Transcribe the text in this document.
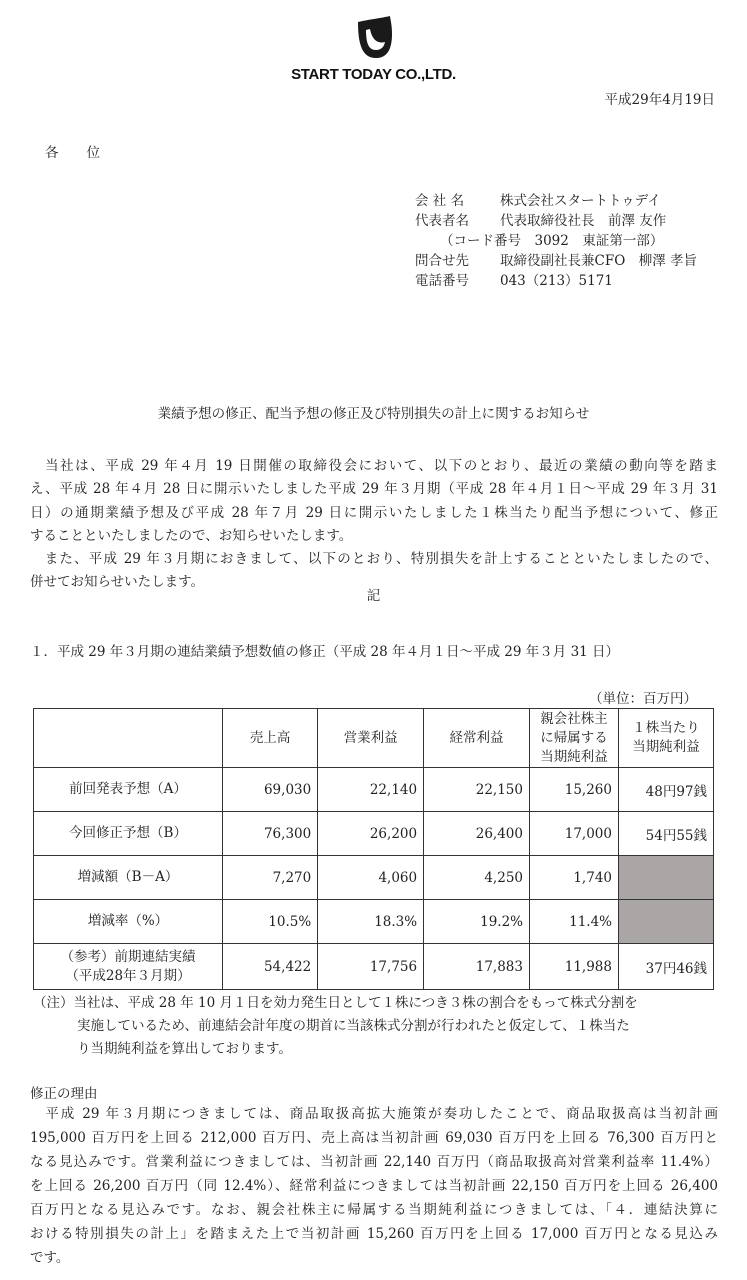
START TODAY CO.,LTD.
平成29年4月19日
各位
会 社 名	株式会社スタートトゥデイ
代表者名	代表取締役社長　前澤 友作
（コード番号　3092　東証第一部）
問合せ先	取締役副社長兼CFO　柳澤 孝旨
電話番号	043（213）5171
業績予想の修正、配当予想の修正及び特別損失の計上に関するお知らせ
　当社は、平成 29 年４月 19 日開催の取締役会において、以下のとおり、最近の業績の動向等を踏ま
え、平成 28 年４月 28 日に開示いたしました平成 29 年３月期（平成 28 年４月１日～平成 29 年３月 31
日）の通期業績予想及び平成 28 年７月 29 日に開示いたしました１株当たり配当予想について、修正
することといたしましたので、お知らせいたします。
　また、平成 29 年３月期におきまして、以下のとおり、特別損失を計上することといたしましたので、
併せてお知らせいたします。
記
１．平成 29 年３月期の連結業績予想数値の修正（平成 28 年４月１日～平成 29 年３月 31 日）
（単位：百万円）
	売上高	営業利益	経常利益	親会社株主に帰属する当期純利益	１株当たり当期純利益
前回発表予想（A）	69,030	22,140	22,150	15,260	48円97銭
今回修正予想（B）	76,300	26,200	26,400	17,000	54円55銭
増減額（B－A）	7,270	4,060	4,250	1,740	
増減率（%）	10.5%	18.3%	19.2%	11.4%	
（参考）前期連結実績（平成28年３月期）	54,422	17,756	17,883	11,988	37円46銭
（注）当社は、平成 28 年 10 月１日を効力発生日として１株につき３株の割合をもって株式分割を
実施しているため、前連結会計年度の期首に当該株式分割が行われたと仮定して、１株当た
り当期純利益を算出しております。
修正の理由
　平成 29 年３月期につきましては、商品取扱高拡大施策が奏功したことで、商品取扱高は当初計画
195,000 百万円を上回る 212,000 百万円、売上高は当初計画 69,030 百万円を上回る 76,300 百万円と
なる見込みです。営業利益につきましては、当初計画 22,140 百万円（商品取扱高対営業利益率 11.4%）
を上回る 26,200 百万円（同 12.4%）、経常利益につきましては当初計画 22,150 百万円を上回る 26,400
百万円となる見込みです。なお、親会社株主に帰属する当期純利益につきましては、「４．連結決算に
おける特別損失の計上」を踏まえた上で当初計画 15,260 百万円を上回る 17,000 百万円となる見込み
です。
